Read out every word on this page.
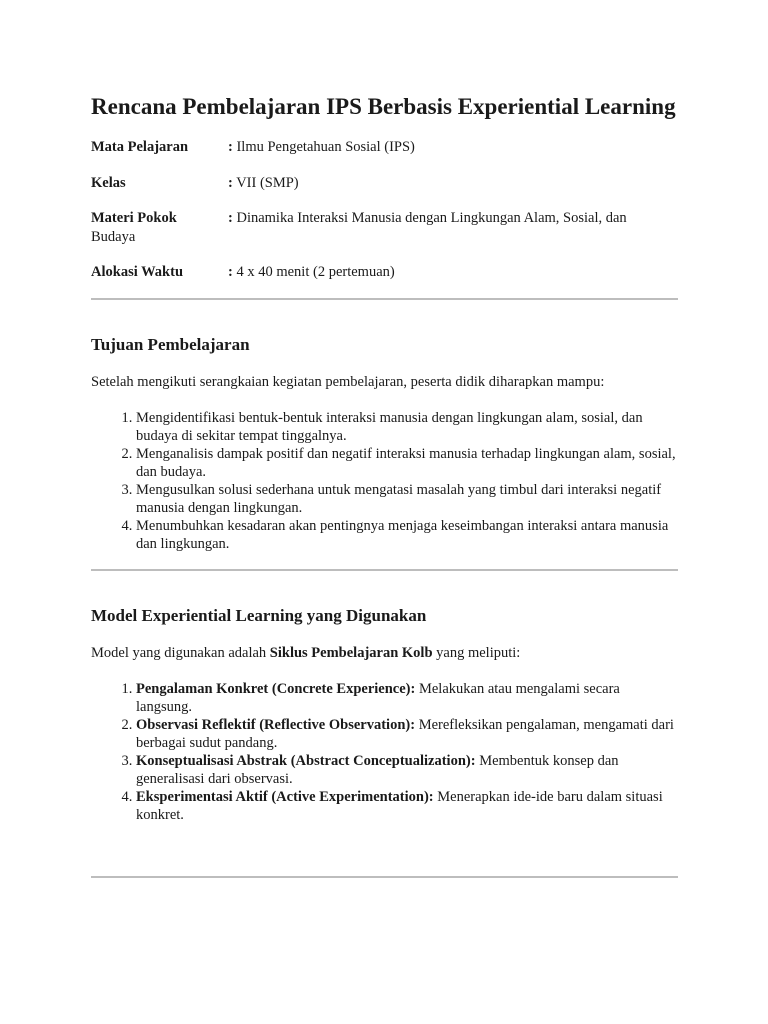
Rencana Pembelajaran IPS Berbasis Experiential Learning
Mata Pelajaran	: Ilmu Pengetahuan Sosial (IPS)
Kelas	: VII (SMP)
Materi Pokok	: Dinamika Interaksi Manusia dengan Lingkungan Alam, Sosial, dan
Budaya
Alokasi Waktu	: 4 x 40 menit (2 pertemuan)
Tujuan Pembelajaran

Setelah mengikuti serangkaian kegiatan pembelajaran, peserta didik diharapkan mampu:

1. Mengidentifikasi bentuk-bentuk interaksi manusia dengan lingkungan alam, sosial, dan budaya di sekitar tempat tinggalnya.
2. Menganalisis dampak positif dan negatif interaksi manusia terhadap lingkungan alam, sosial, dan budaya.
3. Mengusulkan solusi sederhana untuk mengatasi masalah yang timbul dari interaksi negatif manusia dengan lingkungan.
4. Menumbuhkan kesadaran akan pentingnya menjaga keseimbangan interaksi antara manusia dan lingkungan.
Model Experiential Learning yang Digunakan

Model yang digunakan adalah Siklus Pembelajaran Kolb yang meliputi:

1. Pengalaman Konkret (Concrete Experience): Melakukan atau mengalami secara langsung.
2. Observasi Reflektif (Reflective Observation): Merefleksikan pengalaman, mengamati dari berbagai sudut pandang.
3. Konseptualisasi Abstrak (Abstract Conceptualization): Membentuk konsep dan generalisasi dari observasi.
4. Eksperimentasi Aktif (Active Experimentation): Menerapkan ide-ide baru dalam situasi konkret.
